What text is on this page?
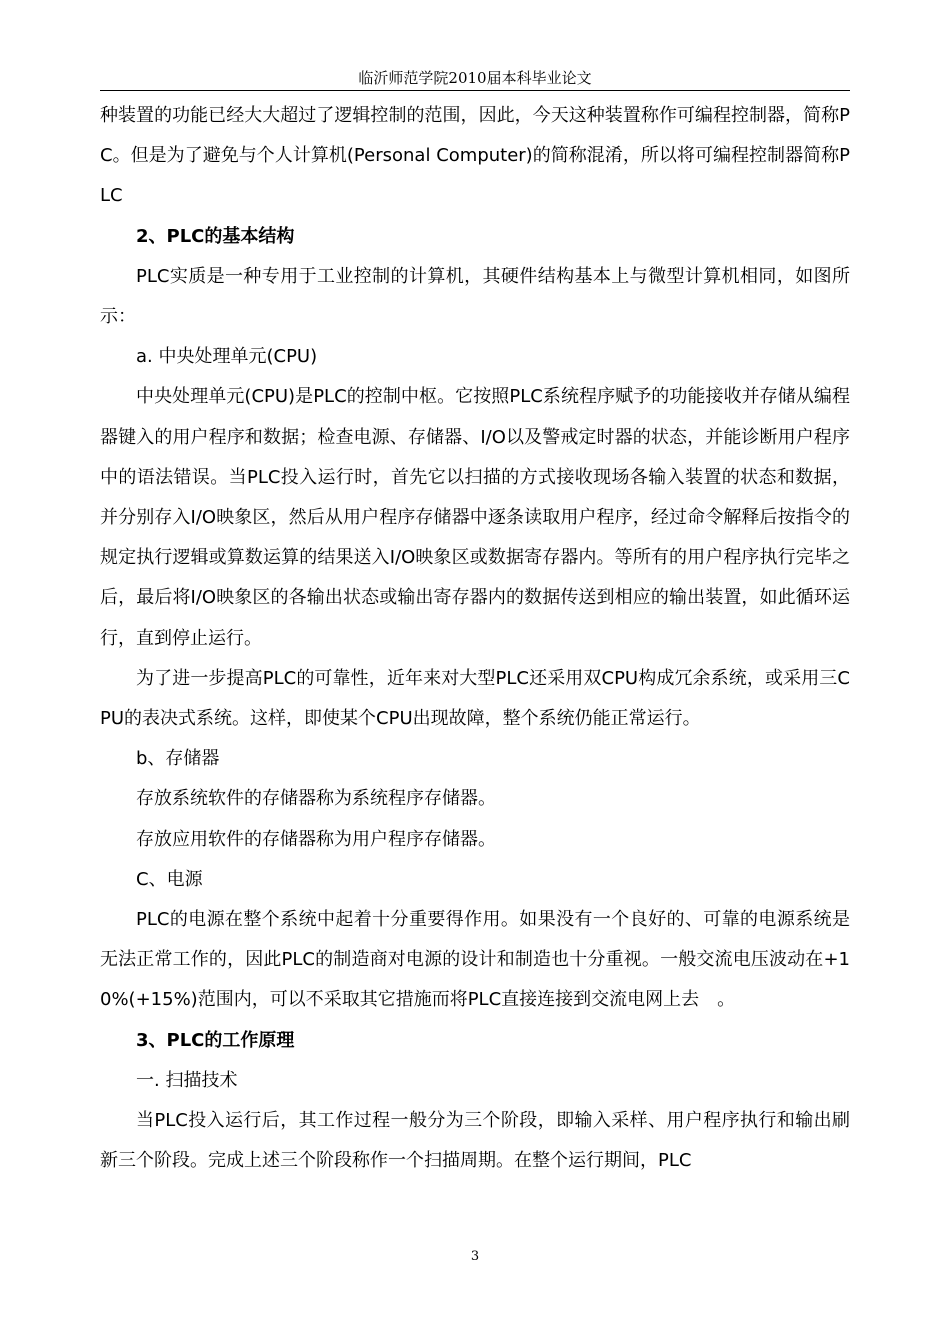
临沂师范学院2010届本科毕业论文

种装置的功能已经大大超过了逻辑控制的范围，因此，今天这种装置称作可编程控制器，简称PC。但是为了避免与个人计算机(Personal Computer)的简称混淆，所以将可编程控制器简称PLC

2、PLC的基本结构

PLC实质是一种专用于工业控制的计算机，其硬件结构基本上与微型计算机相同，如图所示：

a. 中央处理单元(CPU)

中央处理单元(CPU)是PLC的控制中枢。它按照PLC系统程序赋予的功能接收并存储从编程器键入的用户程序和数据；检查电源、存储器、I/O以及警戒定时器的状态，并能诊断用户程序中的语法错误。当PLC投入运行时，首先它以扫描的方式接收现场各输入装置的状态和数据，并分别存入I/O映象区，然后从用户程序存储器中逐条读取用户程序，经过命令解释后按指令的规定执行逻辑或算数运算的结果送入I/O映象区或数据寄存器内。等所有的用户程序执行完毕之后，最后将I/O映象区的各输出状态或输出寄存器内的数据传送到相应的输出装置，如此循环运行，直到停止运行。

为了进一步提高PLC的可靠性，近年来对大型PLC还采用双CPU构成冗余系统，或采用三CPU的表决式系统。这样，即使某个CPU出现故障，整个系统仍能正常运行。

b、存储器

存放系统软件的存储器称为系统程序存储器。

存放应用软件的存储器称为用户程序存储器。

C、电源

PLC的电源在整个系统中起着十分重要得作用。如果没有一个良好的、可靠的电源系统是无法正常工作的，因此PLC的制造商对电源的设计和制造也十分重视。一般交流电压波动在+10%(+15%)范围内，可以不采取其它措施而将PLC直接连接到交流电网上去　。

3、PLC的工作原理

一. 扫描技术

当PLC投入运行后，其工作过程一般分为三个阶段，即输入采样、用户程序执行和输出刷新三个阶段。完成上述三个阶段称作一个扫描周期。在整个运行期间，PLC

3
